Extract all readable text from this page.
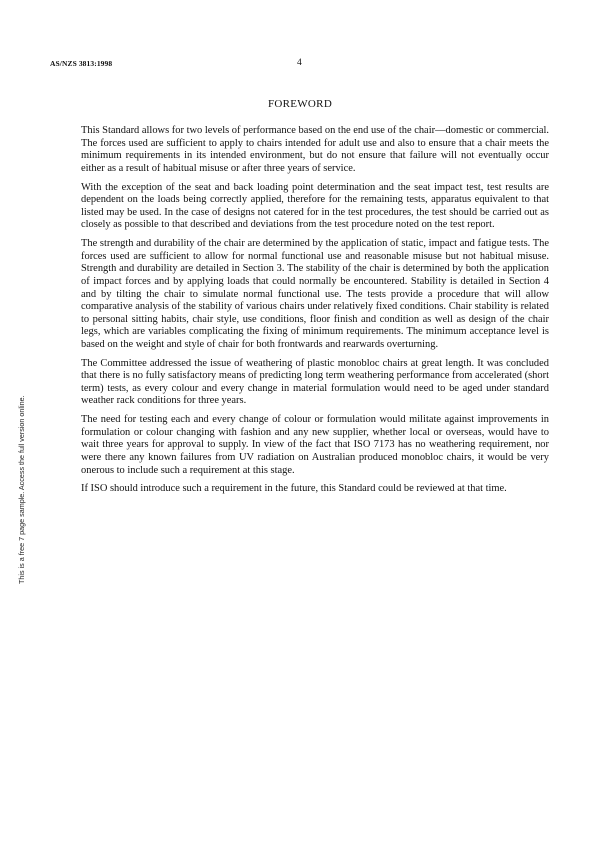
AS/NZS 3813:1998	4
FOREWORD

This Standard allows for two levels of performance based on the end use of the chair—domestic or commercial. The forces used are sufficient to apply to chairs intended for adult use and also to ensure that a chair meets the minimum requirements in its intended environment, but do not ensure that failure will not eventually occur either as a result of habitual misuse or after three years of service.

With the exception of the seat and back loading point determination and the seat impact test, test results are dependent on the loads being correctly applied, therefore for the remaining tests, apparatus equivalent to that listed may be used. In the case of designs not catered for in the test procedures, the test should be carried out as closely as possible to that described and deviations from the test procedure noted on the test report.

The strength and durability of the chair are determined by the application of static, impact and fatigue tests. The forces used are sufficient to allow for normal functional use and reasonable misuse but not habitual misuse. Strength and durability are detailed in Section 3. The stability of the chair is determined by both the application of impact forces and by applying loads that could normally be encountered. Stability is detailed in Section 4 and by tilting the chair to simulate normal functional use. The tests provide a procedure that will allow comparative analysis of the stability of various chairs under relatively fixed conditions. Chair stability is related to personal sitting habits, chair style, use conditions, floor finish and condition as well as design of the chair legs, which are variables complicating the fixing of minimum requirements. The minimum acceptance level is based on the weight and style of chair for both frontwards and rearwards overturning.

The Committee addressed the issue of weathering of plastic monobloc chairs at great length. It was concluded that there is no fully satisfactory means of predicting long term weathering performance from accelerated (short term) tests, as every colour and every change in material formulation would need to be aged under standard weather rack conditions for three years.

The need for testing each and every change of colour or formulation would militate against improvements in formulation or colour changing with fashion and any new supplier, whether local or overseas, would have to wait three years for approval to supply. In view of the fact that ISO 7173 has no weathering requirement, nor were there any known failures from UV radiation on Australian produced monobloc chairs, it would be very onerous to include such a requirement at this stage.

If ISO should introduce such a requirement in the future, this Standard could be reviewed at that time.

This is a free 7 page sample. Access the full version online.
